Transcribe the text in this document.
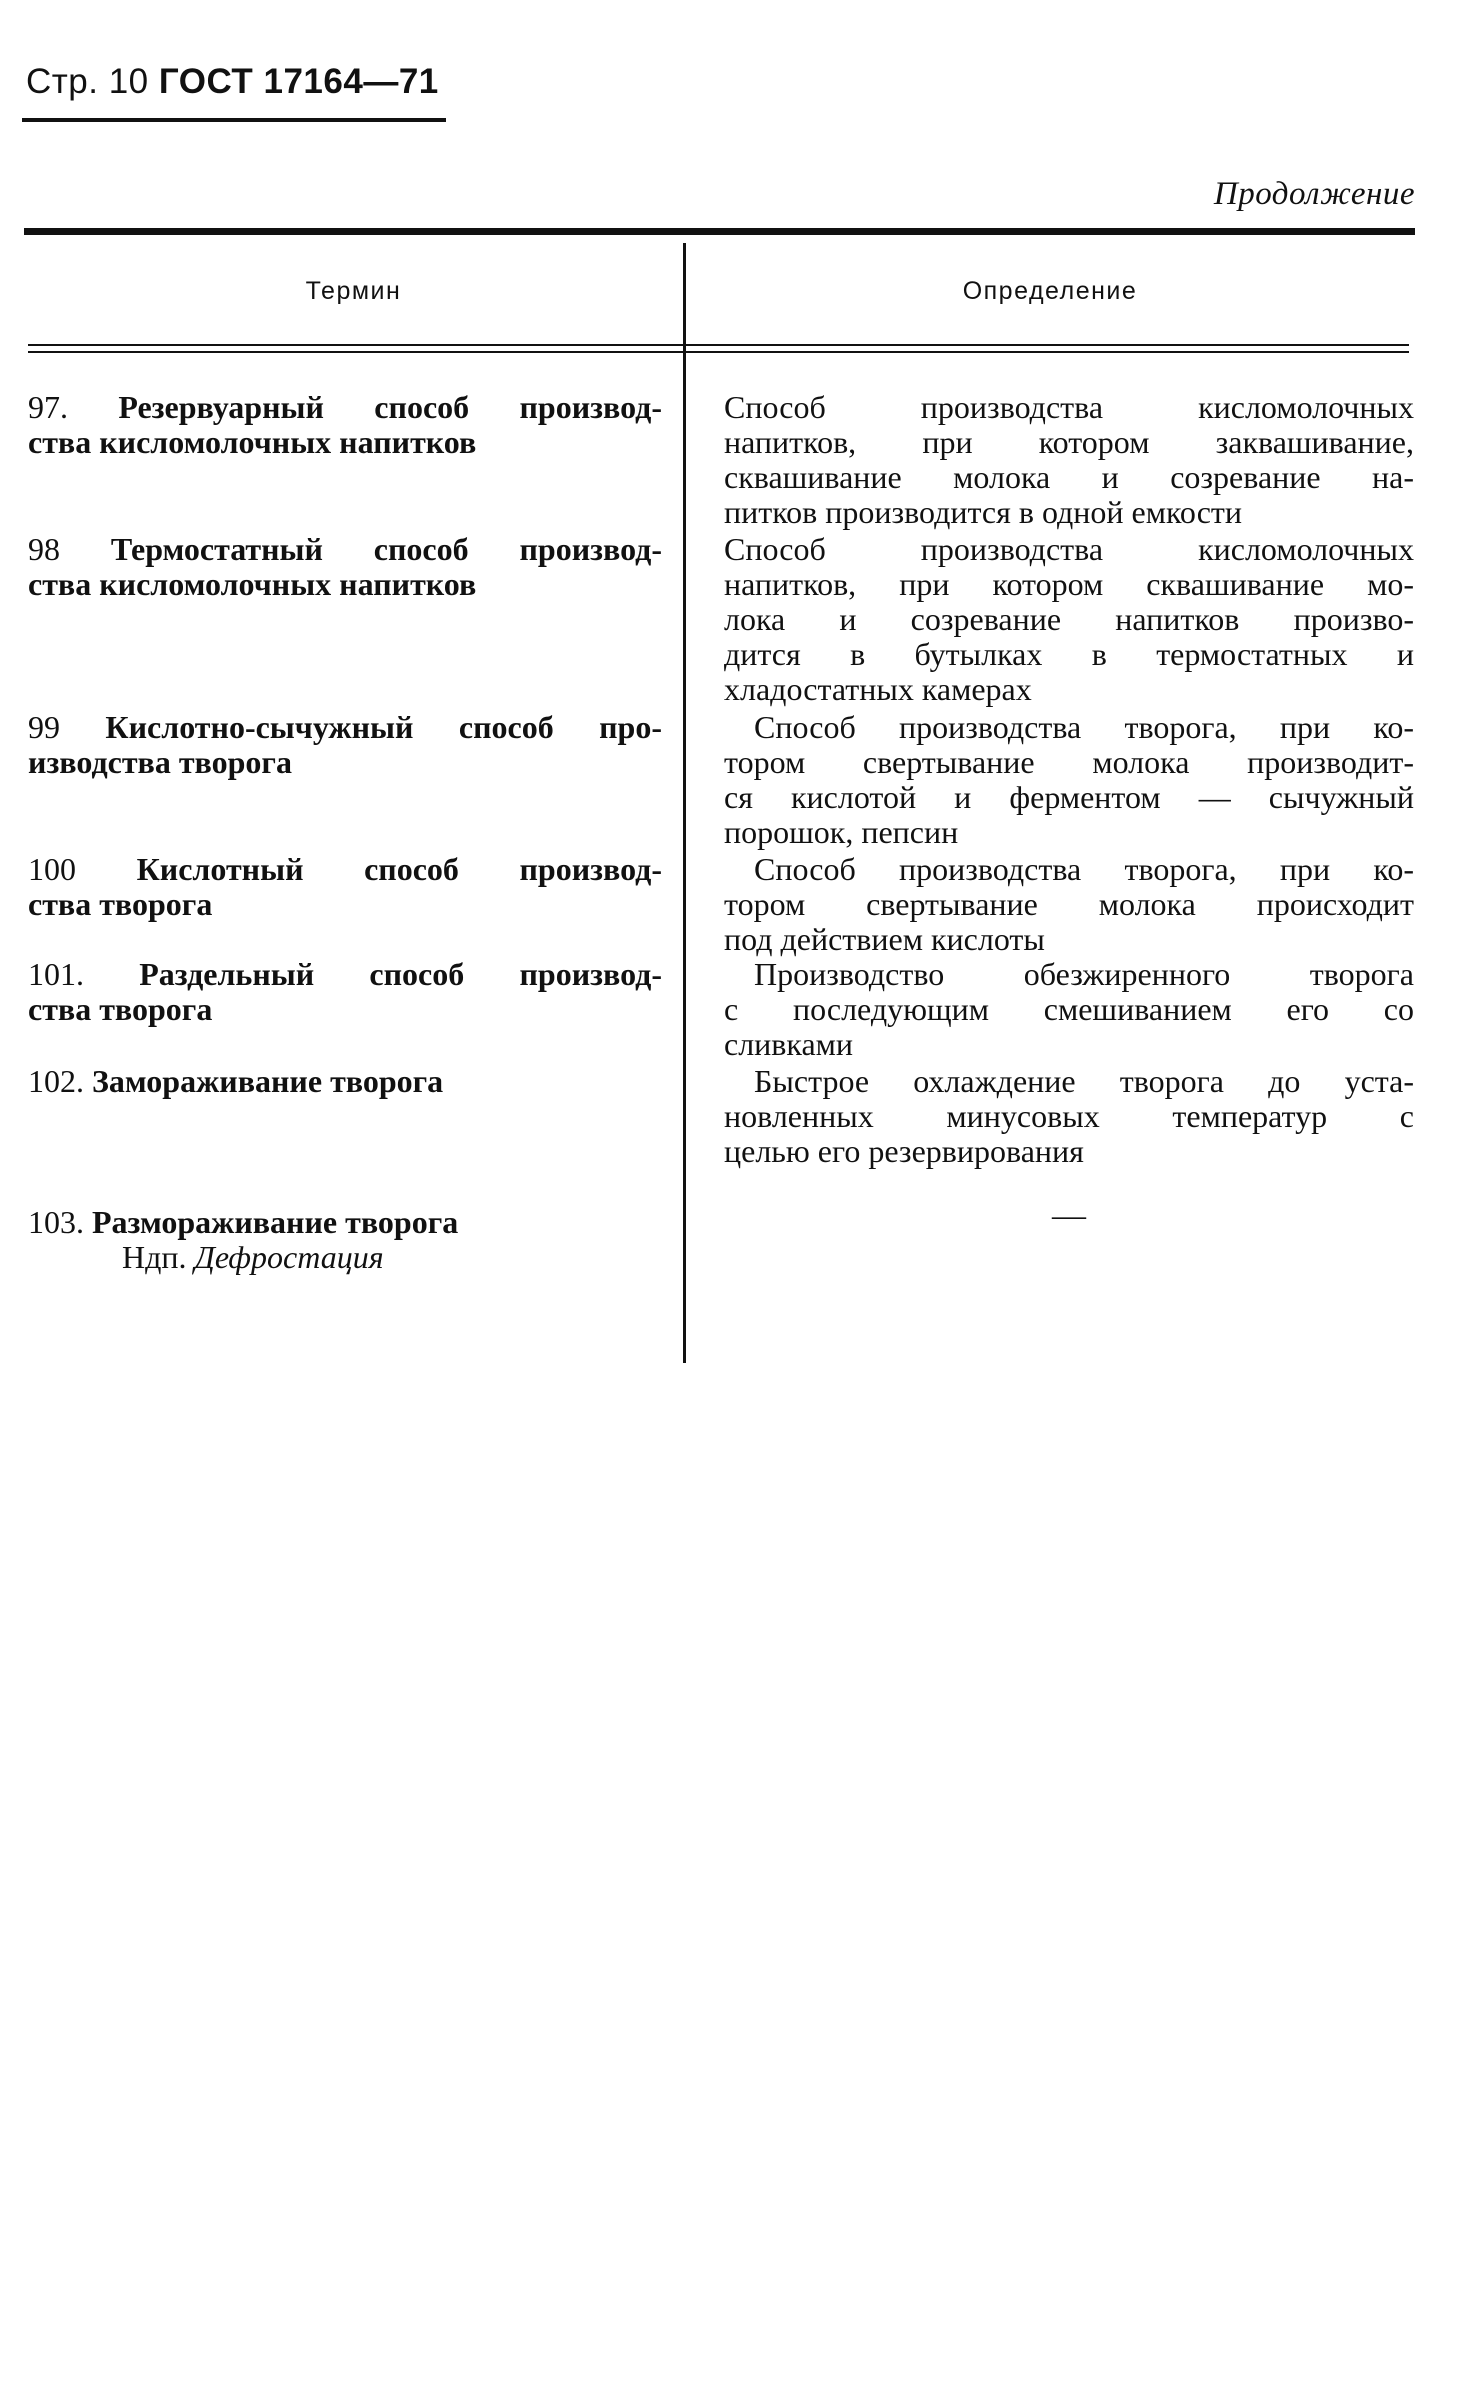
Стр. 10 ГОСТ 17164—71
Продолжение
Термин	Определение
97. Резервуарный способ производ-
ства кисломолочных напитков
Способ производства кисломолочных
напитков, при котором заквашивание,
сквашивание молока и созревание на-
питков производится в одной емкости
98 Термостатный способ производ-
ства кисломолочных напитков
Способ производства кисломолочных
напитков, при котором сквашивание мо-
лока и созревание напитков произво-
дится в бутылках в термостатных и
хладостатных камерах
99 Кислотно-сычужный способ про-
изводства творога
Способ производства творога, при ко-
тором свертывание молока производит-
ся кислотой и ферментом — сычужный
порошок, пепсин
100 Кислотный способ производ-
ства творога
Способ производства творога, при ко-
тором свертывание молока происходит
под действием кислоты
101. Раздельный способ производ-
ства творога
Производство обезжиренного творога
с последующим смешиванием его со
сливками
102. Замораживание творога	Быстрое охлаждение творога до уста-
новленных минусовых температур с
целью его резервирования
103. Размораживание творога
Ндп. Дефростация
—
